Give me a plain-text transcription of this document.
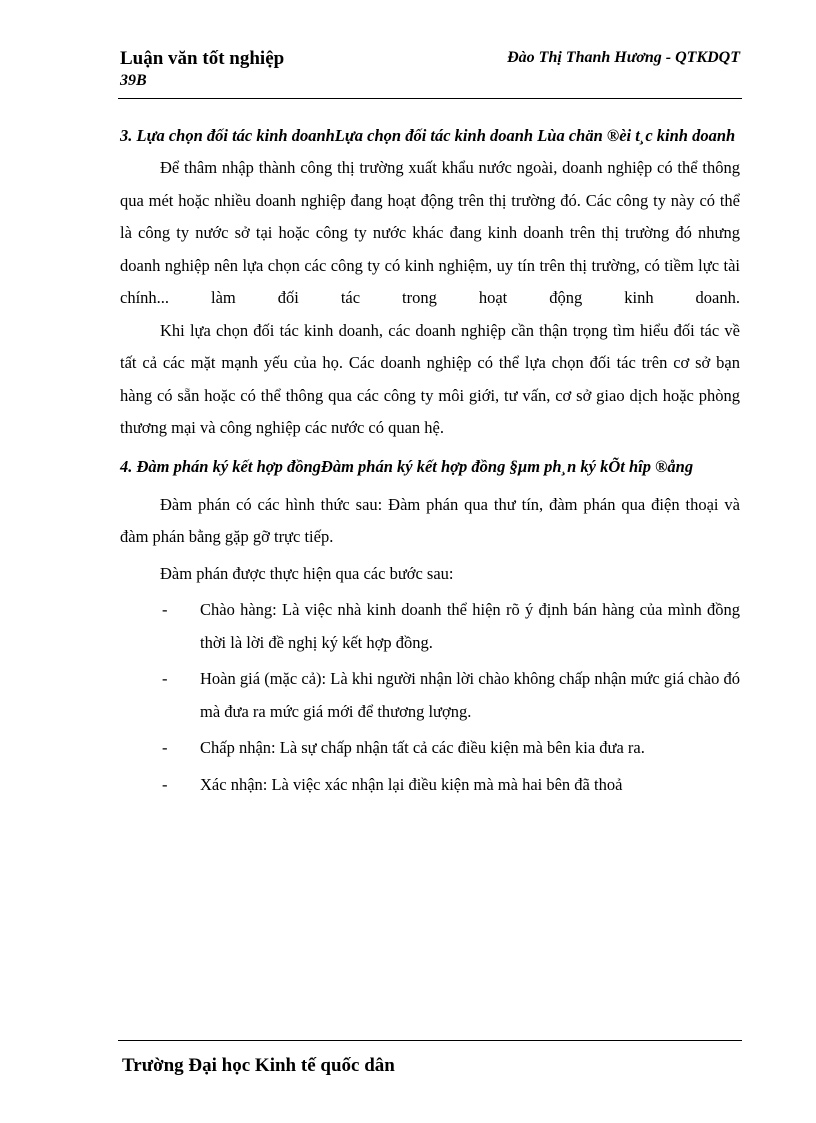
Luận văn tốt nghiệp
39B
Đào Thị Thanh Hương - QTKDQT

3. Lựa chọn đối tác kinh doanhLựa chọn đối tác kinh doanh Lùa chän ®èi t¸c kinh doanh

Để thâm nhập thành công thị trường xuất khẩu nước ngoài, doanh nghiệp có thể thông qua mét hoặc nhiều doanh nghiệp đang hoạt động trên thị trường đó. Các công ty này có thể là công ty nước sở tại hoặc công ty nước khác đang kinh doanh trên thị trường đó nhưng doanh nghiệp nên lựa chọn các công ty có kinh nghiệm, uy tín trên thị trường, có tiềm lực tài chính... làm đối tác trong hoạt động kinh doanh.

Khi lựa chọn đối tác kinh doanh, các doanh nghiệp cần thận trọng tìm hiểu đối tác về tất cả các mặt mạnh yếu của họ. Các doanh nghiệp có thể lựa chọn đối tác trên cơ sở bạn hàng có sẵn hoặc có thể thông qua các công ty môi giới, tư vấn, cơ sở giao dịch hoặc phòng thương mại và công nghiệp các nước có quan hệ.

4. Đàm phán ký kết hợp đồngĐàm phán ký kết hợp đồng §µm ph¸n ký kÕt hîp ®ång

Đàm phán có các hình thức sau: Đàm phán qua thư tín, đàm phán qua điện thoại và đàm phán bằng gặp gỡ trực tiếp.

Đàm phán được thực hiện qua các bước sau:

- Chào hàng: Là việc nhà kinh doanh thể hiện rõ ý định bán hàng của mình đồng thời là lời đề nghị ký kết hợp đồng.
- Hoàn giá (mặc cả): Là khi người nhận lời chào không chấp nhận mức giá chào đó mà đưa ra mức giá mới để thương lượng.
- Chấp nhận: Là sự chấp nhận tất cả các điều kiện mà bên kia đưa ra.
- Xác nhận: Là việc xác nhận lại điều kiện mà mà hai bên đã thoả
Trường Đại học Kinh tế quốc dân
